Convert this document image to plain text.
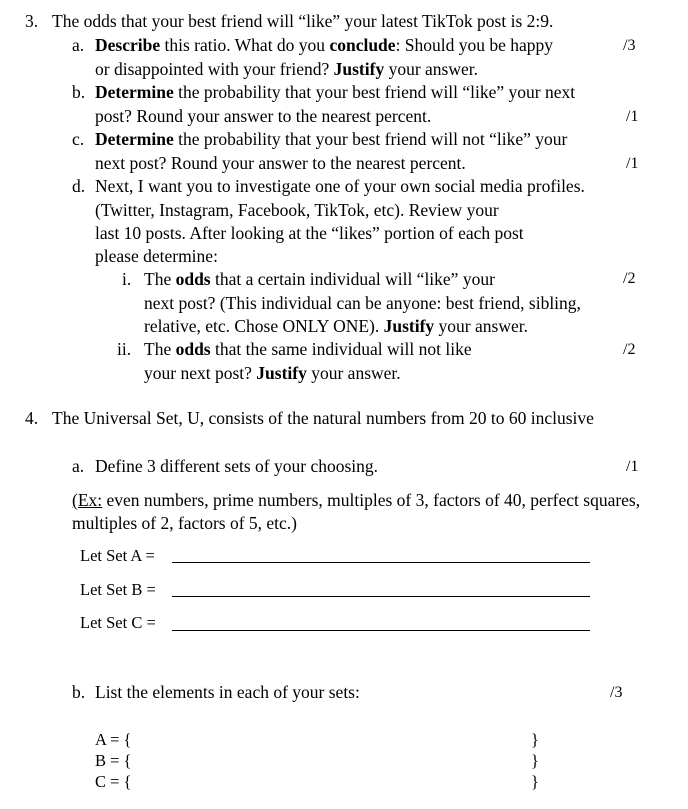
3. The odds that your best friend will “like” your latest TikTok post is 2:9.
a. Describe this ratio. What do you conclude: Should you be happy
or disappointed with your friend? Justify your answer.
/3
b. Determine the probability that your best friend will “like” your next
post? Round your answer to the nearest percent.	/1
c. Determine the probability that your best friend will not “like” your
next post? Round your answer to the nearest percent.	/1
d. Next, I want you to investigate one of your own social media profiles.
(Twitter, Instagram, Facebook, TikTok, etc). Review your
last 10 posts. After looking at the “likes” portion of each post
please determine:
i. The odds that a certain individual will “like” your
next post? (This individual can be anyone: best friend, sibling,
relative, etc. Chose ONLY ONE). Justify your answer.
/2
ii. The odds that the same individual will not like
your next post? Justify your answer.
/2
4. The Universal Set, U, consists of the natural numbers from 20 to 60 inclusive
a. Define 3 different sets of your choosing.	/1
(Ex: even numbers, prime numbers, multiples of 3, factors of 40, perfect squares,
multiples of 2, factors of 5, etc.)
Let Set A =
Let Set B =
Let Set C =
b. List the elements in each of your sets:	/3
A = {	}
B = {	}
C = {	}
